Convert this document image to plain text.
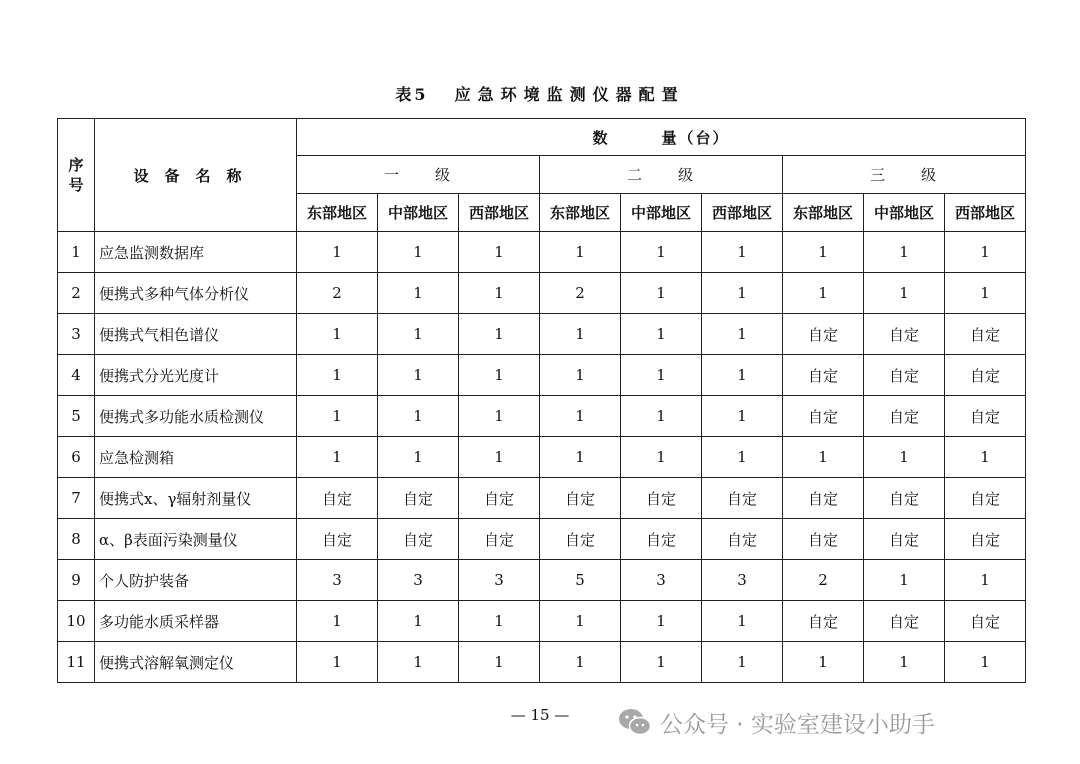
表5 应急环境监测仪器配置
序
号	设备名称	数 量（台）								
		一 级			二 级			三 级		
		东部地区	中部地区	西部地区	东部地区	中部地区	西部地区	东部地区	中部地区	西部地区
1	应急监测数据库	1	1	1	1	1	1	1	1	1
2	便携式多种气体分析仪	2	1	1	2	1	1	1	1	1
3	便携式气相色谱仪	1	1	1	1	1	1	自定	自定	自定
4	便携式分光光度计	1	1	1	1	1	1	自定	自定	自定
5	便携式多功能水质检测仪	1	1	1	1	1	1	自定	自定	自定
6	应急检测箱	1	1	1	1	1	1	1	1	1
7	便携式x、γ辐射剂量仪	自定	自定	自定	自定	自定	自定	自定	自定	自定
8	α、β表面污染测量仪	自定	自定	自定	自定	自定	自定	自定	自定	自定
9	个人防护装备	3	3	3	5	3	3	2	1	1
10	多功能水质采样器	1	1	1	1	1	1	自定	自定	自定
11	便携式溶解氧测定仪	1	1	1	1	1	1	1	1	1
— 15 —	公众号 · 实验室建设小助手
